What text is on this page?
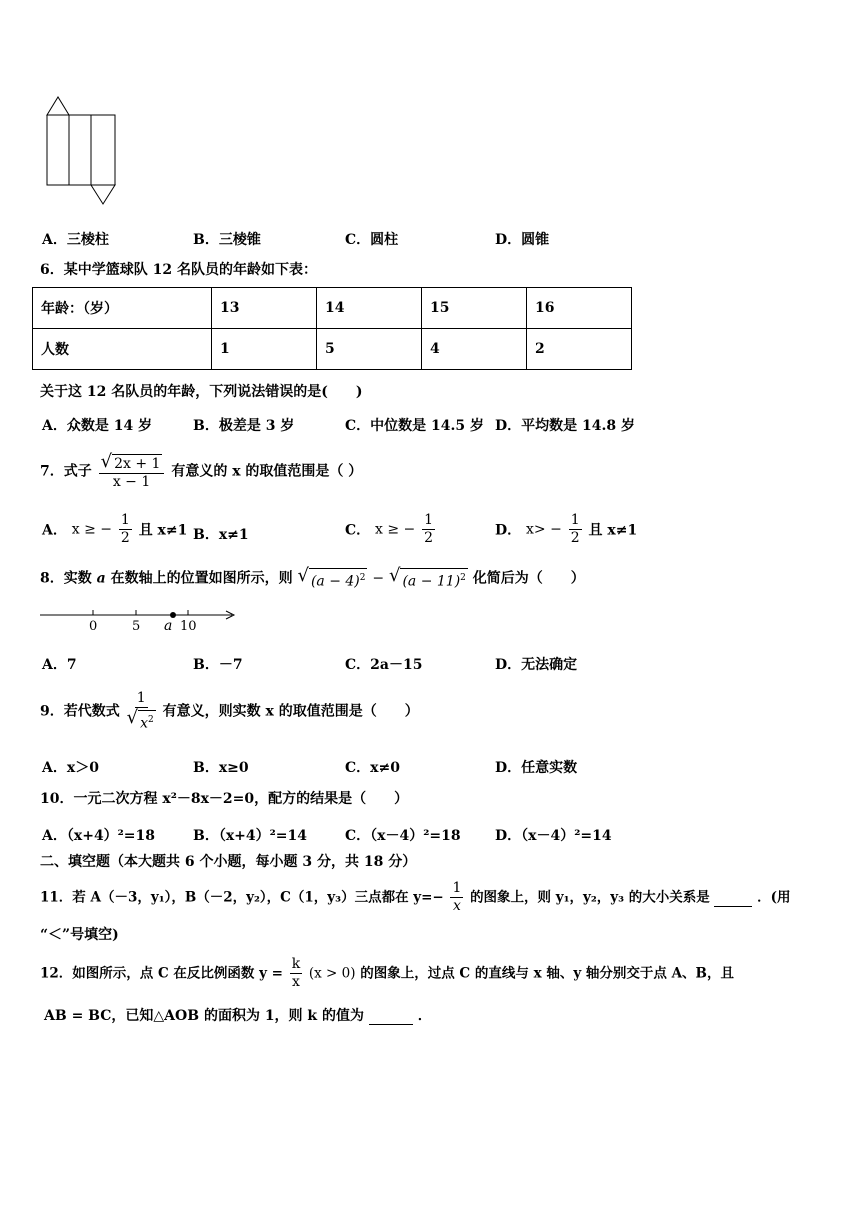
A．三棱柱	B．三棱锥	C．圆柱	D．圆锥
6．某中学篮球队 12 名队员的年龄如下表：
年龄：（岁）	13	14	15	16
人数	1	5	4	2
关于这 12 名队员的年龄，下列说法错误的是(　　)
A．众数是 14 岁	B．极差是 3 岁	C．中位数是 14.5 岁 D．平均数是 14.8 岁
7．式子 $\frac{√ 2x + 1}{x - 1}$ 有意义的 x 的取值范围是（ ）
A． x ≥ − $\frac{1}{2}$ 且 x≠1 B．x≠1	C． x ≥ − $\frac{1}{2}$	D． $x> - \frac{1}{2}$ 且 x≠1
8．实数 a 在数轴上的位置如图所示，则 √ $(a - 4)^2$ − √ $(a - 11)^2$ 化简后为（　　）
0	5 a 10
A．7	B．－7	C．2a－15	D．无法确定
9．若代数式 $\frac{1}{√ x^2}$ 有意义，则实数 x 的取值范围是（　　）
A．x＞0	B．x≥0	C．x≠0	D．任意实数
10．一元二次方程 x²－8x－2=0，配方的结果是（　　）
A．（x+4）²=18	B．（x+4）²=14	C．（x－4）²=18 D．（x－4）²=14
二、填空题（本大题共 6 个小题，每小题 3 分，共 18 分）
11．若 A（－3，y₁），B（－2，y₂），C（1，y₃）三点都在 $y=- \frac{1}{x}$ 的图象上，则 y₁，y₂，y₃ 的大小关系是	．(用
“＜”号填空)
12．如图所示，点 C 在反比例函数 $y = \frac{k}{x} (x > 0)$ 的图象上，过点 C 的直线与 x 轴、y 轴分别交于点 A、B，且
AB = BC，已知△AOB 的面积为 1，则 k 的值为	．
